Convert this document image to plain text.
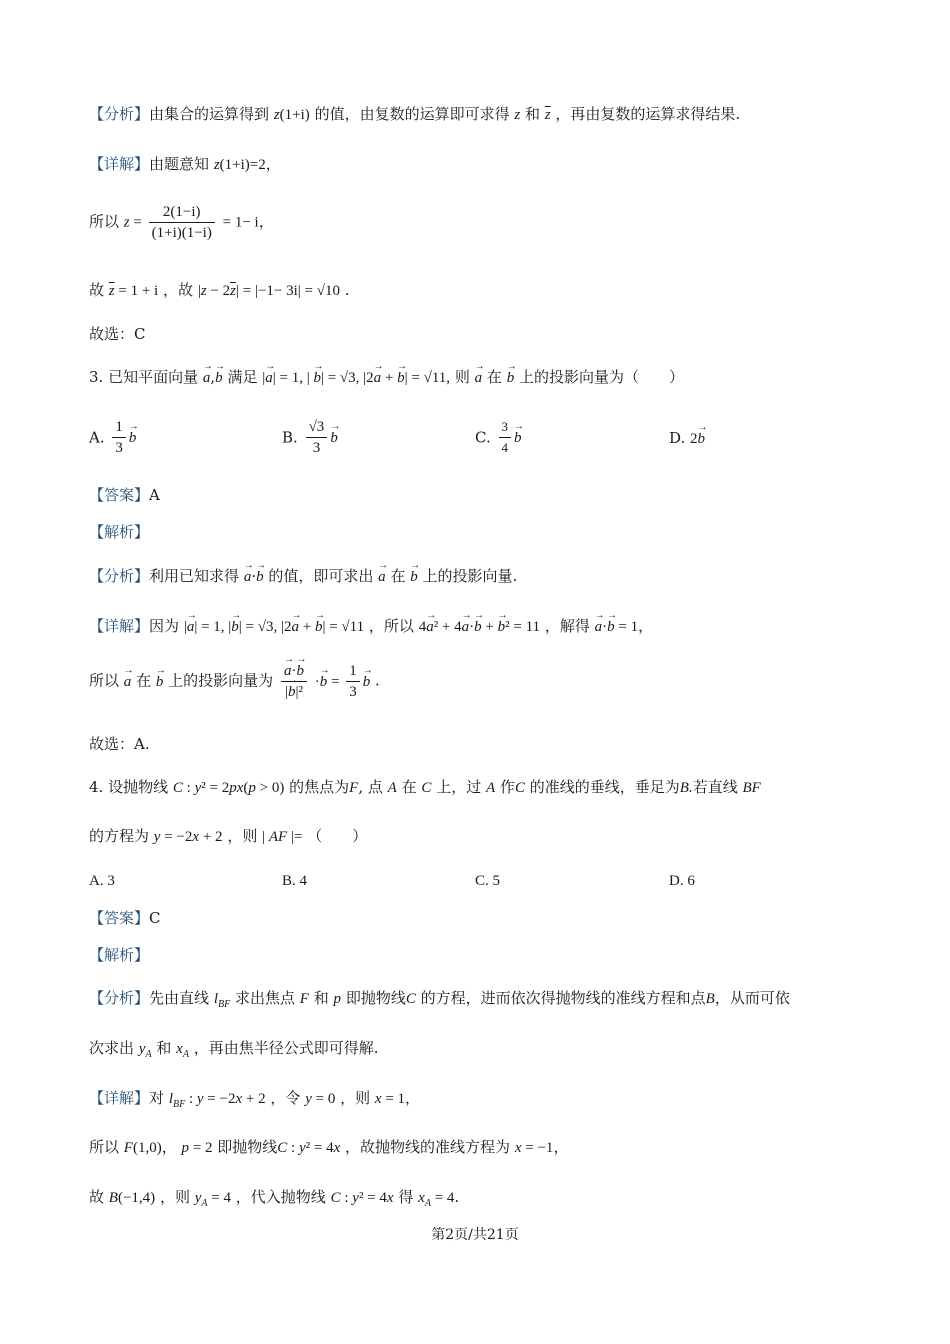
【分析】由集合的运算得到 z(1+i) 的值，由复数的运算即可求得 z 和 $\overline{z}$ ，再由复数的运算求得结果.
【详解】由题意知 z(1+i)=2，
所以 $z = \frac{2(1-i)}{(1+i)(1-i)} = 1- i$，
故 $\overline{z} = 1 + i$ ，故 $|z - 2\overline{z}| = |-1- 3i| = √10$ .
故选：C
3. 已知平面向量 → a,→ b 满足 |→ a| = 1, | → b| = √3, |2→ a + → b| = √11, 则 → a 在 → b 上的投影向量为（　　）
A. $\frac{1}{3} \to b$	B. $\frac{√3}{3} \to b$	C. $\frac{3}{4} \to b$	D. 2→ b
【答案】A
【解析】
【分析】利用已知求得 → a·→ b 的值，即可求出 → a 在 → b 上的投影向量.
【详解】因为 |→ a| = 1, |→ b| = √3, |2→ a + → b| = √11 ，所以 4→ a² + 4→ a·→ b + → b² = 11 ，解得 → a·→ b = 1，
所以 → a 在 → b 上的投影向量为 → $\frac{a\cdot\to b}{\text{|→ b|²}} \cdot\to b = \frac{1}{3} \to b$ .
故选：A.
4. 设抛物线 C : y² = 2px(p > 0) 的焦点为F, 点 A 在 C 上，过 A 作C 的准线的垂线，垂足为B.若直线 BF
的方程为 y = −2x + 2 ，则 | AF |= （　　）
A. 3	B. 4	C. 5	D. 6
【答案】C
【解析】
【分析】先由直线 $l_{BF}$ 求出焦点 F 和 p 即抛物线C 的方程，进而依次得抛物线的准线方程和点B，从而可依
次求出 $y_A$ 和 $x_A$ ，再由焦半径公式即可得解.
【详解】对 $l_{BF}$ : y = −2x + 2 ，令 y = 0 ，则 x = 1，
所以 F(1,0)， p = 2 即抛物线C : y² = 4x ，故抛物线的准线方程为 x = −1，
故 B(−1,4) ，则 $y_A = 4$ ，代入抛物线 C : y² = 4x 得 $x_A = 4$.
第2页/共21页
